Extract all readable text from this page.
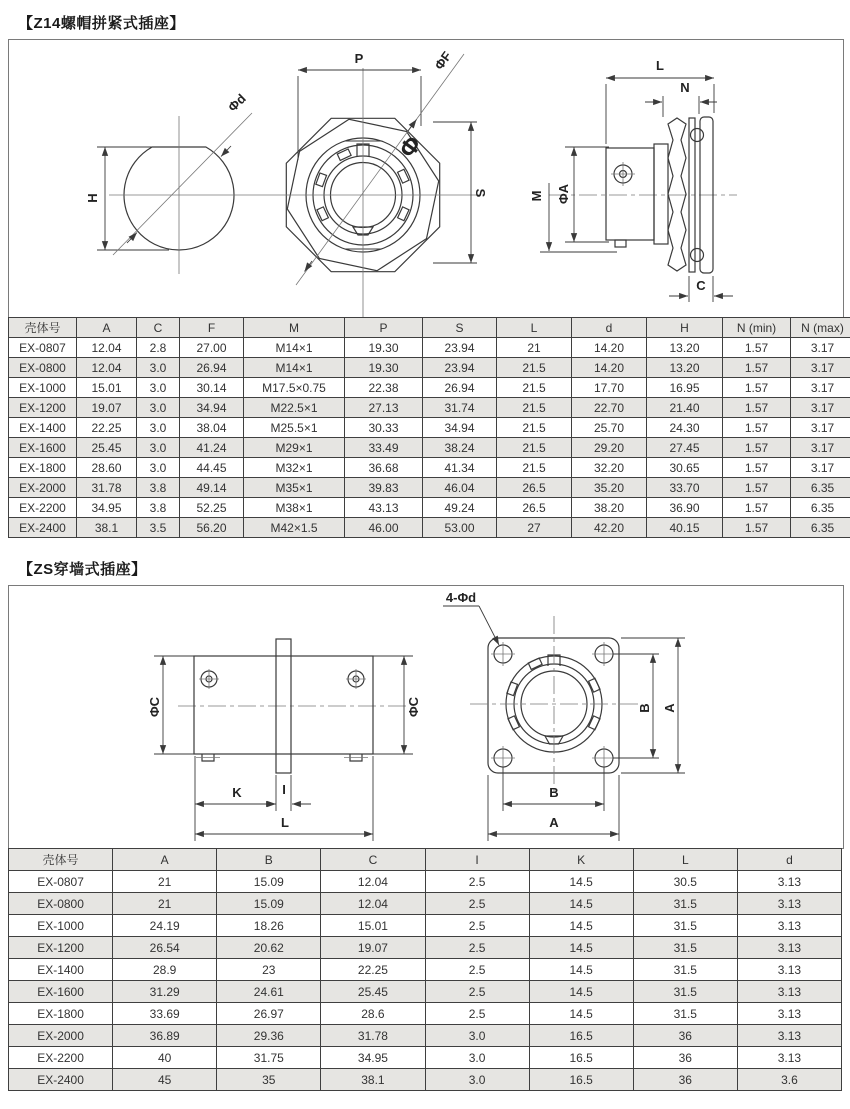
【Z14螺帽拼紧式插座】
H
Φd
P	ΦF
Φ
S
L
N
M ΦA
C
壳体号	A	C	F	M	P	S	L	d	H	N (min)	N (max)
EX-0807	12.04	2.8	27.00	M14×1	19.30	23.94	21	14.20	13.20	1.57	3.17
EX-0800	12.04	3.0	26.94	M14×1	19.30	23.94	21.5	14.20	13.20	1.57	3.17
EX-1000	15.01	3.0	30.14	M17.5×0.75	22.38	26.94	21.5	17.70	16.95	1.57	3.17
EX-1200	19.07	3.0	34.94	M22.5×1	27.13	31.74	21.5	22.70	21.40	1.57	3.17
EX-1400	22.25	3.0	38.04	M25.5×1	30.33	34.94	21.5	25.70	24.30	1.57	3.17
EX-1600	25.45	3.0	41.24	M29×1	33.49	38.24	21.5	29.20	27.45	1.57	3.17
EX-1800	28.60	3.0	44.45	M32×1	36.68	41.34	21.5	32.20	30.65	1.57	3.17
EX-2000	31.78	3.8	49.14	M35×1	39.83	46.04	26.5	35.20	33.70	1.57	6.35
EX-2200	34.95	3.8	52.25	M38×1	43.13	49.24	26.5	38.20	36.90	1.57	6.35
EX-2400	38.1	3.5	56.20	M42×1.5	46.00	53.00	27	42.20	40.15	1.57	6.35
【ZS穿墙式插座】
ΦC	ΦC
K	I
L
4-Φd
B A
B
A
壳体号	A	B	C	I	K	L	d
EX-0807	21	15.09	12.04	2.5	14.5	30.5	3.13
EX-0800	21	15.09	12.04	2.5	14.5	31.5	3.13
EX-1000	24.19	18.26	15.01	2.5	14.5	31.5	3.13
EX-1200	26.54	20.62	19.07	2.5	14.5	31.5	3.13
EX-1400	28.9	23	22.25	2.5	14.5	31.5	3.13
EX-1600	31.29	24.61	25.45	2.5	14.5	31.5	3.13
EX-1800	33.69	26.97	28.6	2.5	14.5	31.5	3.13
EX-2000	36.89	29.36	31.78	3.0	16.5	36	3.13
EX-2200	40	31.75	34.95	3.0	16.5	36	3.13
EX-2400	45	35	38.1	3.0	16.5	36	3.6
